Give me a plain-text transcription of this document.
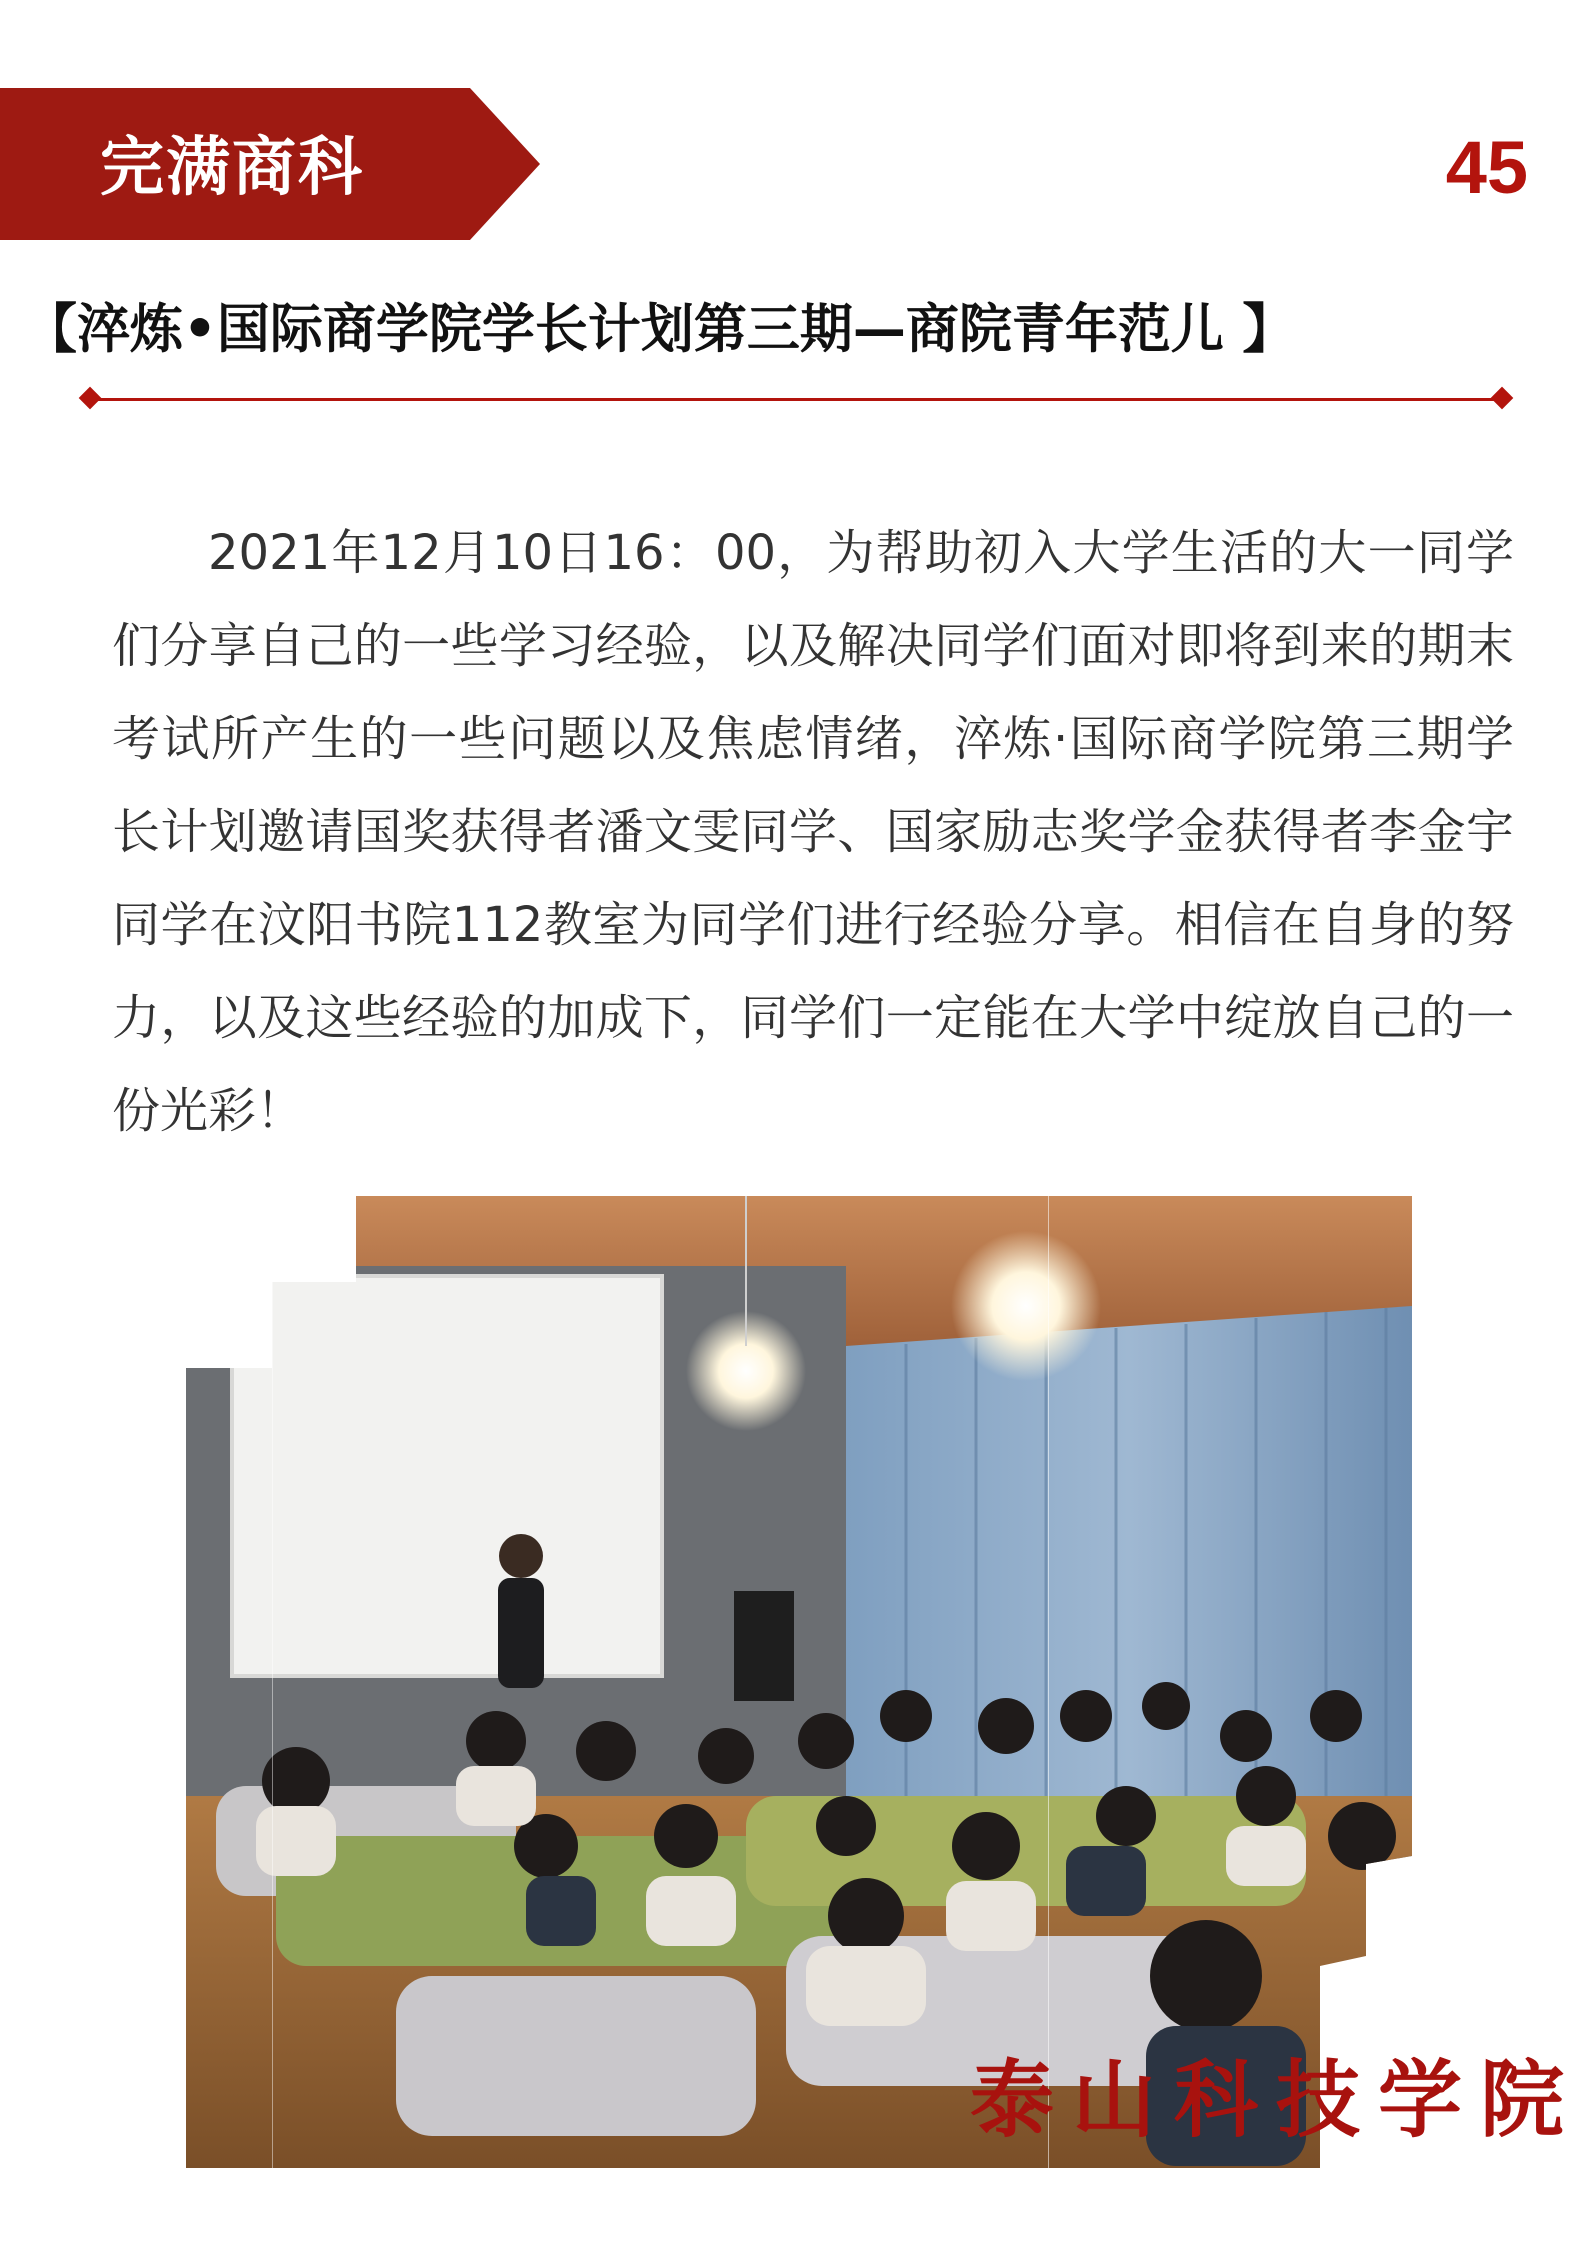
完满商科	45
【淬炼•国际商学院学长计划第三期—商院青年范儿 】

2021年12月10日16：00，为帮助初入大学生活的大一同学们分享自己的一些学习经验，以及解决同学们面对即将到来的期末考试所产生的一些问题以及焦虑情绪，淬炼·国际商学院第三期学长计划邀请国奖获得者潘文雯同学、国家励志奖学金获得者李金宇同学在汶阳书院112教室为同学们进行经验分享。相信在自身的努力，以及这些经验的加成下，同学们一定能在大学中绽放自己的一份光彩！

泰山科技学院
